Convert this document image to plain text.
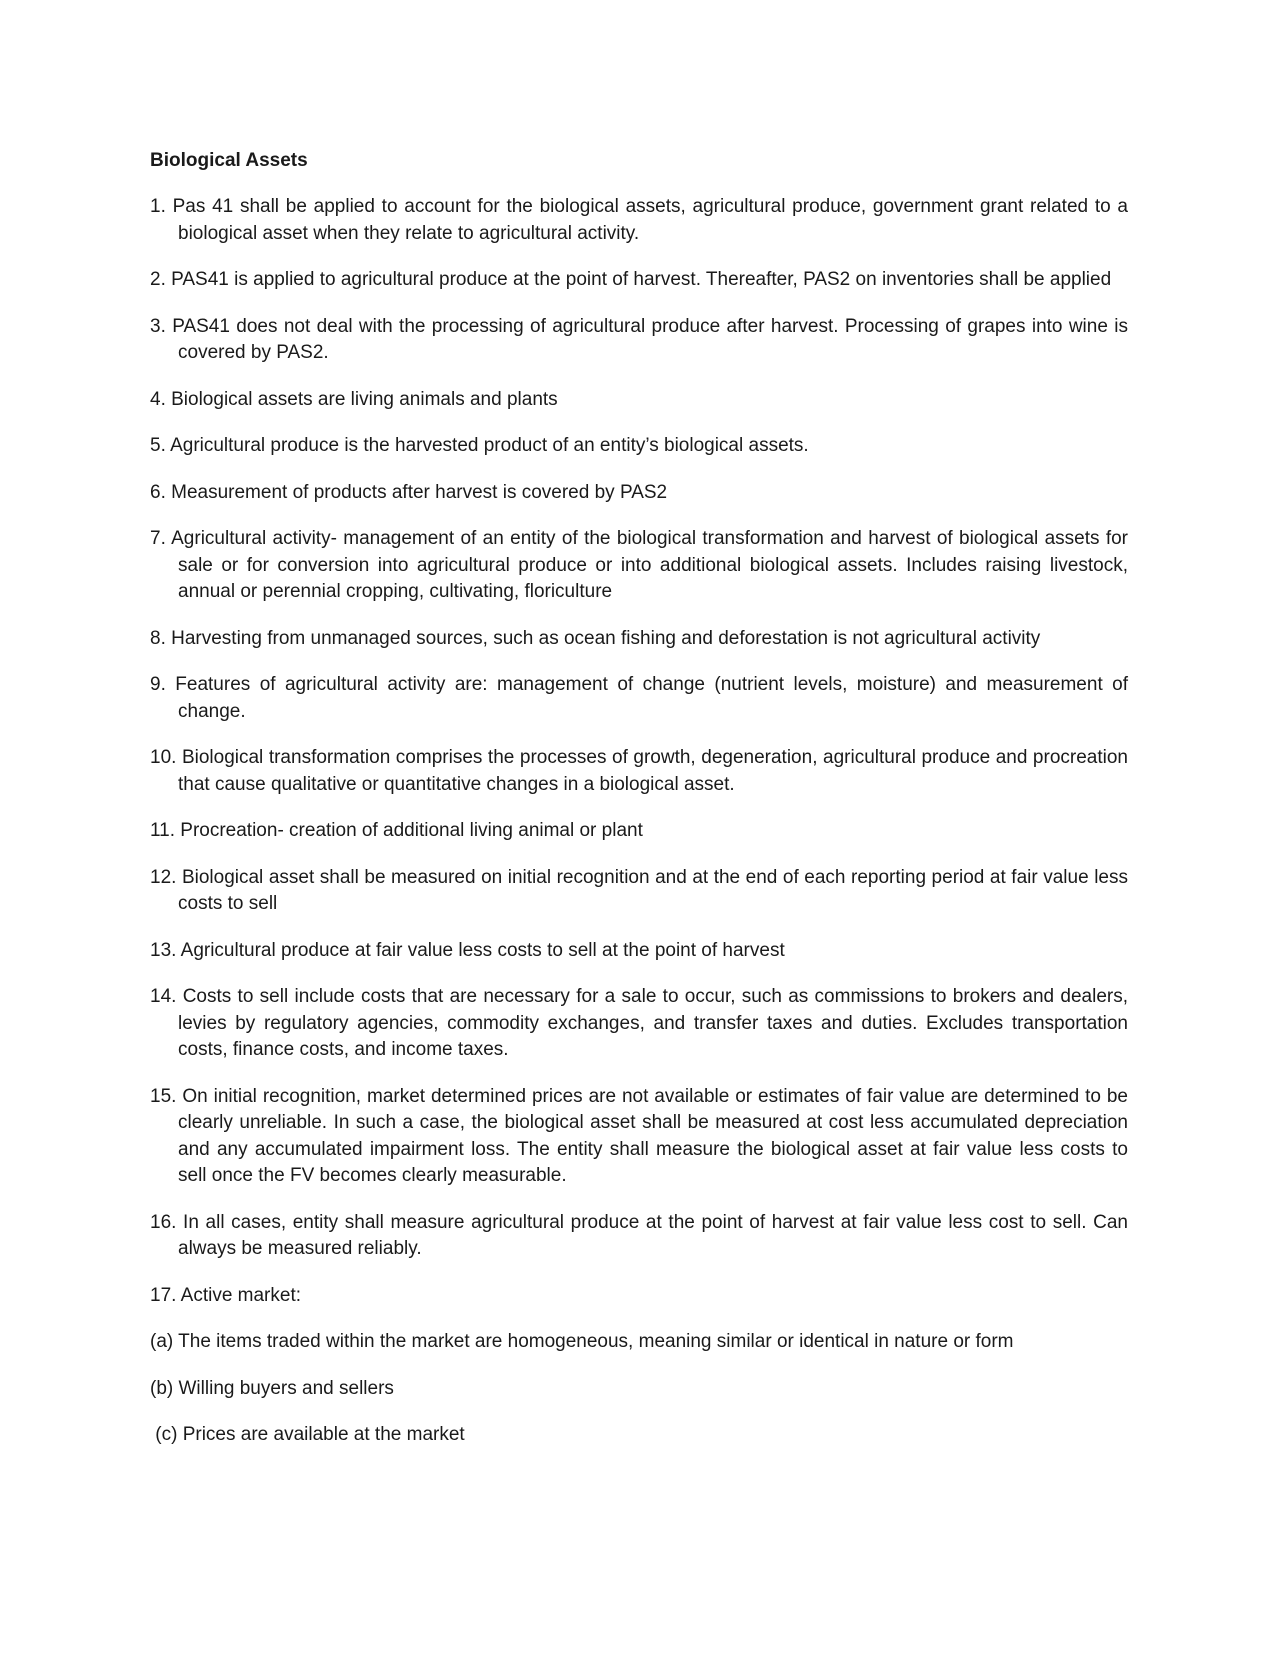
Biological Assets
1. Pas 41 shall be applied to account for the biological assets, agricultural produce, government grant related to a biological asset when they relate to agricultural activity.
2. PAS41 is applied to agricultural produce at the point of harvest. Thereafter, PAS2 on inventories shall be applied
3. PAS41 does not deal with the processing of agricultural produce after harvest. Processing of grapes into wine is covered by PAS2.
4. Biological assets are living animals and plants
5. Agricultural produce is the harvested product of an entity’s biological assets.
6. Measurement of products after harvest is covered by PAS2
7. Agricultural activity- management of an entity of the biological transformation and harvest of biological assets for sale or for conversion into agricultural produce or into additional biological assets. Includes raising livestock, annual or perennial cropping, cultivating, floriculture
8. Harvesting from unmanaged sources, such as ocean fishing and deforestation is not agricultural activity
9. Features of agricultural activity are: management of change (nutrient levels, moisture) and measurement of change.
10. Biological transformation comprises the processes of growth, degeneration, agricultural produce and procreation that cause qualitative or quantitative changes in a biological asset.
11. Procreation- creation of additional living animal or plant
12. Biological asset shall be measured on initial recognition and at the end of each reporting period at fair value less costs to sell
13. Agricultural produce at fair value less costs to sell at the point of harvest
14. Costs to sell include costs that are necessary for a sale to occur, such as commissions to brokers and dealers, levies by regulatory agencies, commodity exchanges, and transfer taxes and duties. Excludes transportation costs, finance costs, and income taxes.
15. On initial recognition, market determined prices are not available or estimates of fair value are determined to be clearly unreliable. In such a case, the biological asset shall be measured at cost less accumulated depreciation and any accumulated impairment loss. The entity shall measure the biological asset at fair value less costs to sell once the FV becomes clearly measurable.
16. In all cases, entity shall measure agricultural produce at the point of harvest at fair value less cost to sell. Can always be measured reliably.
17. Active market:
(a) The items traded within the market are homogeneous, meaning similar or identical in nature or form
(b) Willing buyers and sellers
(c) Prices are available at the market
